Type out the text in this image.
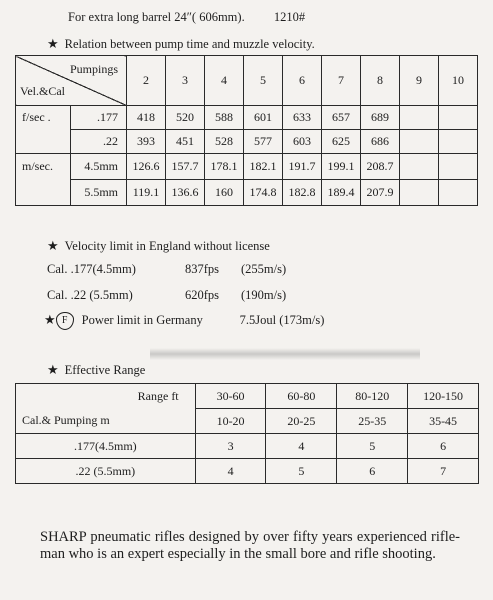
For extra long barrel 24″( 606mm). 1210#
★ Relation between pump time and muzzle velocity.
Pumpings
Vel.&Cal		2	3	4	5	6	7	8	9	10
f/sec .	.177	418	520	588	601	633	657	689		
	.22	393	451	528	577	603	625	686		
m/sec.	4.5mm	126.6	157.7	178.1	182.1	191.7	199.1	208.7		
	5.5mm	119.1	136.6	160	174.8	182.8	189.4	207.9		
★ Velocity limit in England without license
Cal. .177(4.5mm)	837fps (255m/s)
Cal. .22 (5.5mm)	620fps (190m/s)
★ F Power limit in Germany	7.5Joul (173m/s)
★ Effective Range
Range ft	30-60	60-80	80-120	120-150
Cal.& Pumping m	10-20	20-25	25-35	35-45
.177(4.5mm)	3	4	5	6
.22 (5.5mm)	4	5	6	7
SHARP pneumatic rifles designed by over fifty years experienced rifle- man who is an expert especially in the small bore and rifle shooting.
